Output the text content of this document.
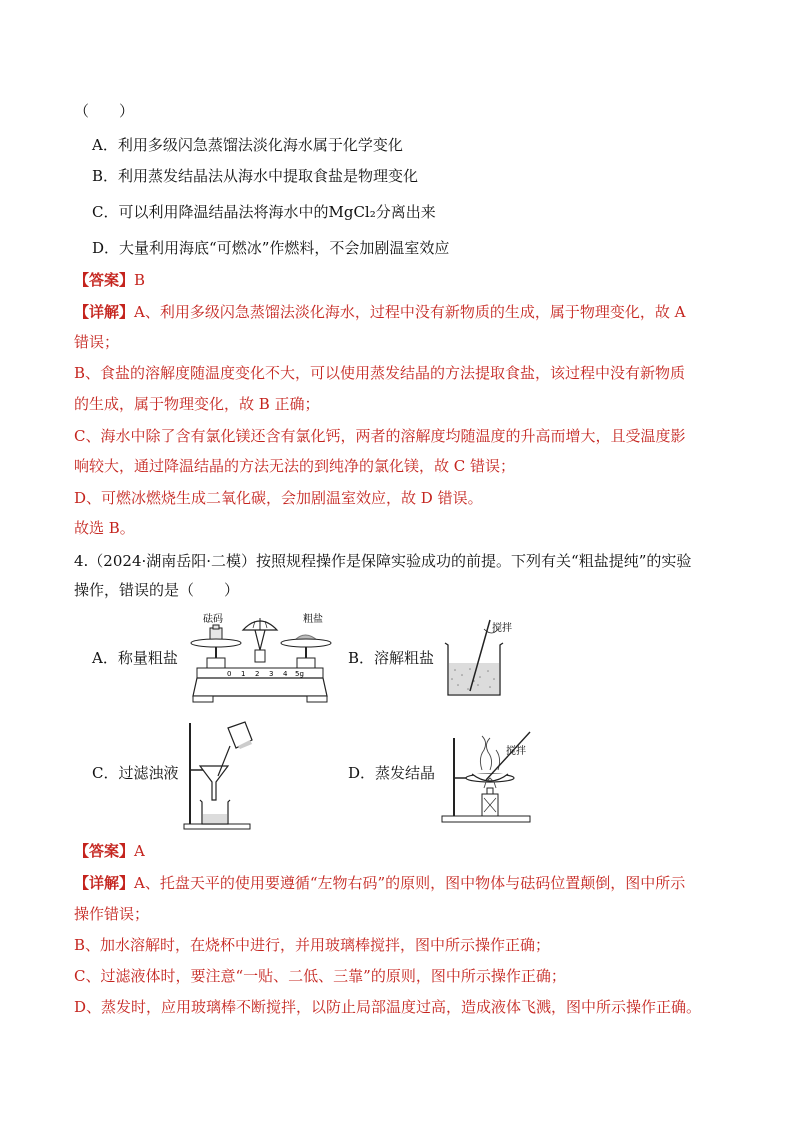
（　　）
A．利用多级闪急蒸馏法淡化海水属于化学变化
B．利用蒸发结晶法从海水中提取食盐是物理变化
C．可以利用降温结晶法将海水中的MgCl₂分离出来
D．大量利用海底“可燃冰”作燃料，不会加剧温室效应
【答案】B
【详解】A、利用多级闪急蒸馏法淡化海水，过程中没有新物质的生成，属于物理变化，故 A
错误；
B、食盐的溶解度随温度变化不大，可以使用蒸发结晶的方法提取食盐，该过程中没有新物质
的生成，属于物理变化，故 B 正确；
C、海水中除了含有氯化镁还含有氯化钙，两者的溶解度均随温度的升高而增大，且受温度影
响较大，通过降温结晶的方法无法的到纯净的氯化镁，故 C 错误；
D、可燃冰燃烧生成二氧化碳，会加剧温室效应，故 D 错误。
故选 B。
4.（2024·湖南岳阳·二模）按照规程操作是保障实验成功的前提。下列有关“粗盐提纯”的实验
操作，错误的是（　　）
A．称量粗盐
砝码	粗盐
0 1 2 3 4 5g
B．溶解粗盐
搅拌
C．过滤浊液	D．蒸发结晶
搅拌
【答案】A
【详解】A、托盘天平的使用要遵循“左物右码”的原则，图中物体与砝码位置颠倒，图中所示
操作错误；
B、加水溶解时，在烧杯中进行，并用玻璃棒搅拌，图中所示操作正确；
C、过滤液体时，要注意“一贴、二低、三靠”的原则，图中所示操作正确；
D、蒸发时，应用玻璃棒不断搅拌，以防止局部温度过高，造成液体飞溅，图中所示操作正确。
